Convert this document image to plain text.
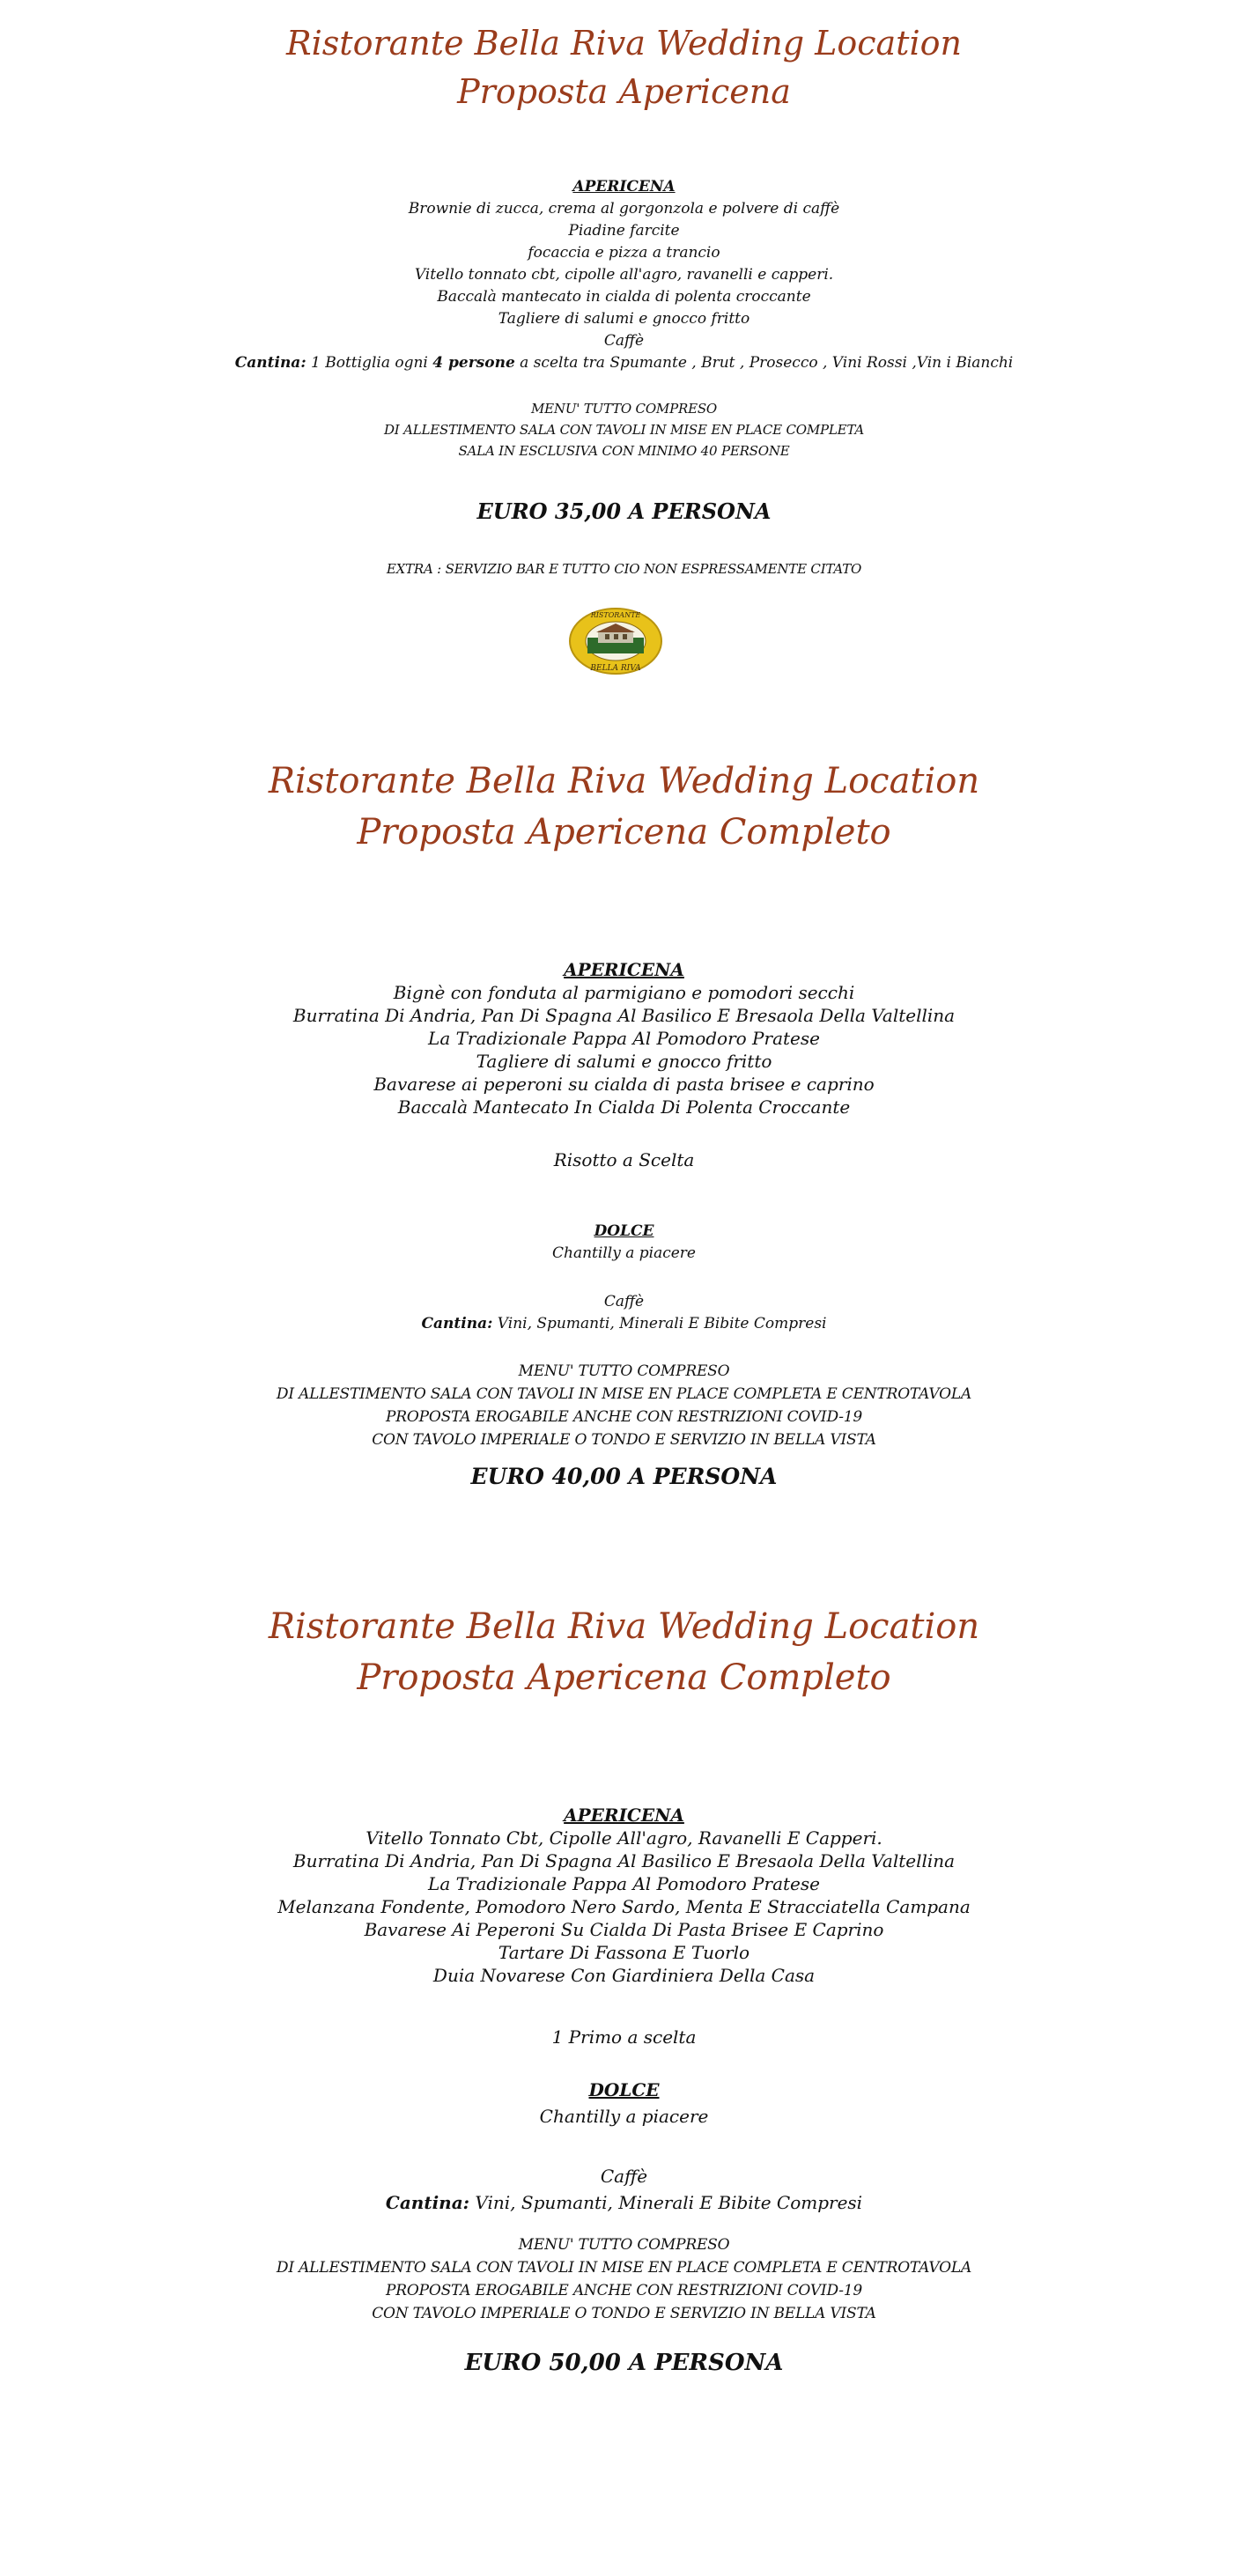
Ristorante Bella Riva Wedding Location
Proposta Apericena
APERICENA
Brownie di zucca, crema al gorgonzola e polvere di caffè
Piadine farcite
focaccia e pizza a trancio
Vitello tonnato cbt, cipolle all'agro, ravanelli e capperi.
Baccalà mantecato in cialda di polenta croccante
Tagliere di salumi e gnocco fritto
Caffè
Cantina: 1 Bottiglia ogni 4 persone a scelta tra Spumante , Brut , Prosecco , Vini Rossi ,Vin i Bianchi
MENU' TUTTO COMPRESO
DI ALLESTIMENTO SALA CON TAVOLI IN MISE EN PLACE COMPLETA
SALA IN ESCLUSIVA CON MINIMO 40 PERSONE
EURO 35,00 A PERSONA
EXTRA : SERVIZIO BAR E TUTTO CIO NON ESPRESSAMENTE CITATO
RISTORANTE
BELLA RIVA
Ristorante Bella Riva Wedding Location
Proposta Apericena Completo
APERICENA
Bignè con fonduta al parmigiano e pomodori secchi
Burratina Di Andria, Pan Di Spagna Al Basilico E Bresaola Della Valtellina
La Tradizionale Pappa Al Pomodoro Pratese
Tagliere di salumi e gnocco fritto
Bavarese ai peperoni su cialda di pasta brisee e caprino
Baccalà Mantecato In Cialda Di Polenta Croccante
Risotto a Scelta
DOLCE
Chantilly a piacere
Caffè
Cantina: Vini, Spumanti, Minerali E Bibite Compresi
MENU' TUTTO COMPRESO
DI ALLESTIMENTO SALA CON TAVOLI IN MISE EN PLACE COMPLETA E CENTROTAVOLA
PROPOSTA EROGABILE ANCHE CON RESTRIZIONI COVID-19
CON TAVOLO IMPERIALE O TONDO E SERVIZIO IN BELLA VISTA
EURO 40,00 A PERSONA
Ristorante Bella Riva Wedding Location
Proposta Apericena Completo
APERICENA
Vitello Tonnato Cbt, Cipolle All'agro, Ravanelli E Capperi.
Burratina Di Andria, Pan Di Spagna Al Basilico E Bresaola Della Valtellina
La Tradizionale Pappa Al Pomodoro Pratese
Melanzana Fondente, Pomodoro Nero Sardo, Menta E Stracciatella Campana
Bavarese Ai Peperoni Su Cialda Di Pasta Brisee E Caprino
Tartare Di Fassona E Tuorlo
Duia Novarese Con Giardiniera Della Casa
1 Primo a scelta
DOLCE
Chantilly a piacere
Caffè
Cantina: Vini, Spumanti, Minerali E Bibite Compresi
MENU' TUTTO COMPRESO
DI ALLESTIMENTO SALA CON TAVOLI IN MISE EN PLACE COMPLETA E CENTROTAVOLA
PROPOSTA EROGABILE ANCHE CON RESTRIZIONI COVID-19
CON TAVOLO IMPERIALE O TONDO E SERVIZIO IN BELLA VISTA
EURO 50,00 A PERSONA
